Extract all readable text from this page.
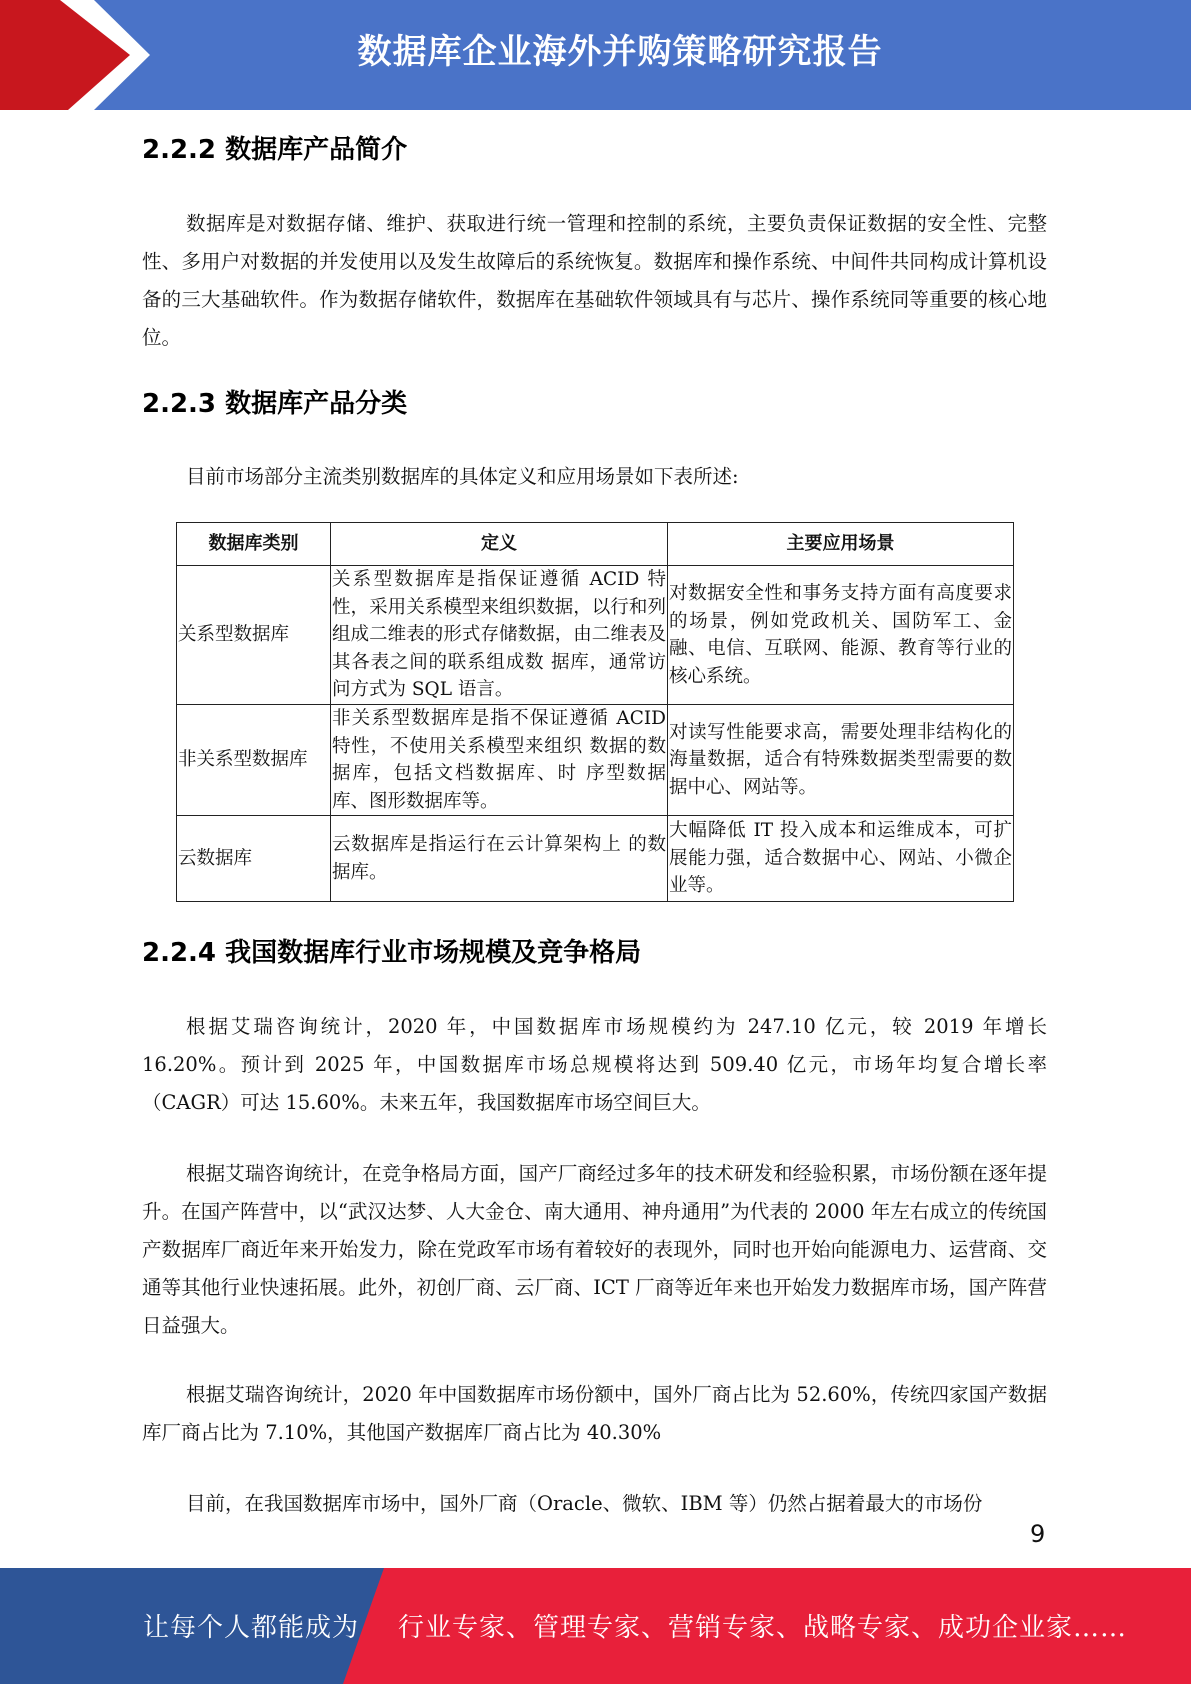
数据库企业海外并购策略研究报告
2.2.2 数据库产品简介

数据库是对数据存储、维护、获取进行统一管理和控制的系统，主要负责保证数据的安全性、完整性、多用户对数据的并发使用以及发生故障后的系统恢复。数据库和操作系统、中间件共同构成计算机设备的三大基础软件。作为数据存储软件，数据库在基础软件领域具有与芯片、操作系统同等重要的核心地位。

2.2.3 数据库产品分类

目前市场部分主流类别数据库的具体定义和应用场景如下表所述:

数据库类别	定义	主要应用场景
关系型数据库	关系型数据库是指保证遵循 ACID 特性，采用关系模型来组织数据，以行和列组成二维表的形式存储数据，由二维表及其各表之间的联系组成数 据库，通常访问方式为 SQL 语言。	对数据安全性和事务支持方面有高度要求的场景，例如党政机关、国防军工、金融、电信、互联网、能源、教育等行业的核心系统。
非关系型数据库	非关系型数据库是指不保证遵循 ACID 特性，不使用关系模型来组织 数据的数据库，包括文档数据库、时 序型数据库、图形数据库等。	对读写性能要求高，需要处理非结构化的海量数据，适合有特殊数据类型需要的数据中心、网站等。
云数据库	云数据库是指运行在云计算架构上 的数据库。	大幅降低 IT 投入成本和运维成本，可扩展能力强，适合数据中心、网站、小微企业等。
2.2.4 我国数据库行业市场规模及竞争格局

根据艾瑞咨询统计，2020 年，中国数据库市场规模约为 247.10 亿元，较 2019 年增长 16.20%。预计到 2025 年，中国数据库市场总规模将达到 509.40 亿元，市场年均复合增长率（CAGR）可达 15.60%。未来五年，我国数据库市场空间巨大。

根据艾瑞咨询统计，在竞争格局方面，国产厂商经过多年的技术研发和经验积累，市场份额在逐年提升。在国产阵营中，以“武汉达梦、人大金仓、南大通用、神舟通用”为代表的 2000 年左右成立的传统国产数据库厂商近年来开始发力，除在党政军市场有着较好的表现外，同时也开始向能源电力、运营商、交通等其他行业快速拓展。此外，初创厂商、云厂商、ICT 厂商等近年来也开始发力数据库市场，国产阵营日益强大。

根据艾瑞咨询统计，2020 年中国数据库市场份额中，国外厂商占比为 52.60%，传统四家国产数据库厂商占比为 7.10%，其他国产数据库厂商占比为 40.30%

目前，在我国数据库市场中，国外厂商（Oracle、微软、IBM 等）仍然占据着最大的市场份

9
让每个人都能成为 行业专家、管理专家、营销专家、战略专家、成功企业家……
